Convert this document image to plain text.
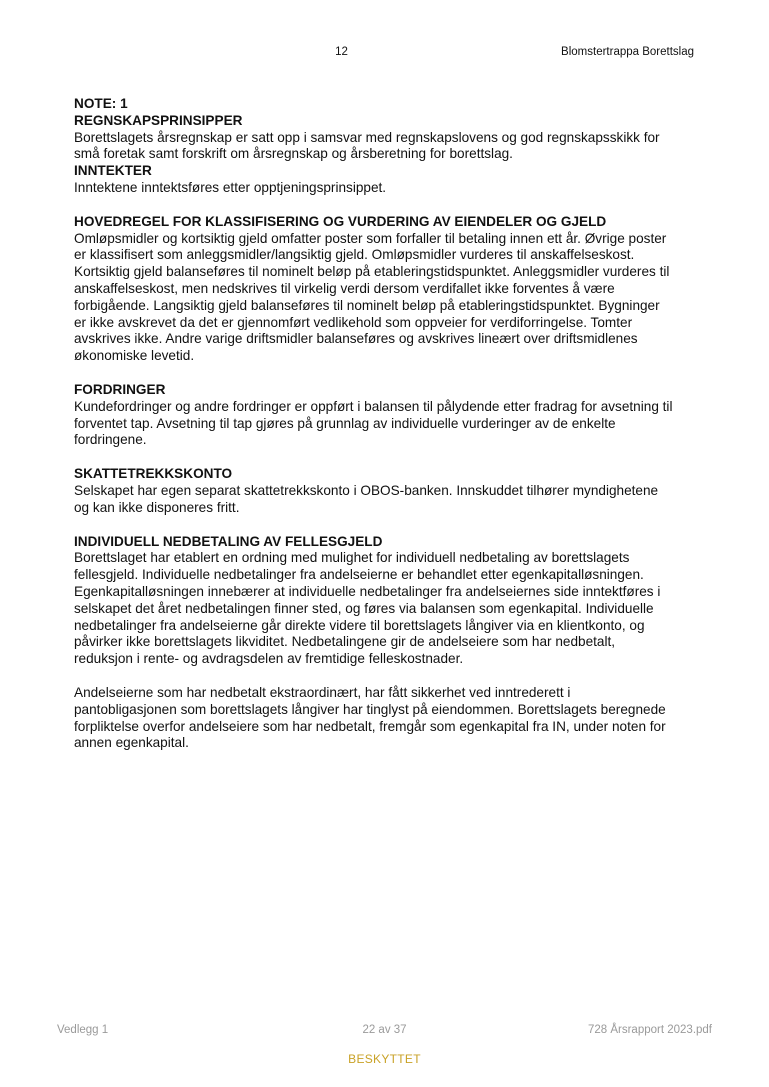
12	Blomstertrappa Borettslag

NOTE: 1

REGNSKAPSPRINSIPPER

Borettslagets årsregnskap er satt opp i samsvar med regnskapslovens og god regnskapsskikk for små foretak samt forskrift om årsregnskap og årsberetning for borettslag.

INNTEKTER

Inntektene inntektsføres etter opptjeningsprinsippet.

HOVEDREGEL FOR KLASSIFISERING OG VURDERING AV EIENDELER OG GJELD

Omløpsmidler og kortsiktig gjeld omfatter poster som forfaller til betaling innen ett år. Øvrige poster er klassifisert som anleggsmidler/langsiktig gjeld. Omløpsmidler vurderes til anskaffelseskost. Kortsiktig gjeld balanseføres til nominelt beløp på etableringstidspunktet. Anleggsmidler vurderes til anskaffelseskost, men nedskrives til virkelig verdi dersom verdifallet ikke forventes å være forbigående. Langsiktig gjeld balanseføres til nominelt beløp på etableringstidspunktet. Bygninger er ikke avskrevet da det er gjennomført vedlikehold som oppveier for verdiforringelse. Tomter avskrives ikke. Andre varige driftsmidler balanseføres og avskrives lineært over driftsmidlenes økonomiske levetid.

FORDRINGER

Kundefordringer og andre fordringer er oppført i balansen til pålydende etter fradrag for avsetning til forventet tap. Avsetning til tap gjøres på grunnlag av individuelle vurderinger av de enkelte fordringene.

SKATTETREKKSKONTO

Selskapet har egen separat skattetrekkskonto i OBOS-banken. Innskuddet tilhører myndighetene og kan ikke disponeres fritt.

INDIVIDUELL NEDBETALING AV FELLESGJELD

Borettslaget har etablert en ordning med mulighet for individuell nedbetaling av borettslagets fellesgjeld. Individuelle nedbetalinger fra andelseierne er behandlet etter egenkapitalløsningen. Egenkapitalløsningen innebærer at individuelle nedbetalinger fra andelseiernes side inntektføres i selskapet det året nedbetalingen finner sted, og føres via balansen som egenkapital. Individuelle nedbetalinger fra andelseierne går direkte videre til borettslagets långiver via en klientkonto, og påvirker ikke borettslagets likviditet. Nedbetalingene gir de andelseiere som har nedbetalt, reduksjon i rente- og avdragsdelen av fremtidige felleskostnader.

Andelseierne som har nedbetalt ekstraordinært, har fått sikkerhet ved inntrederett i pantobligasjonen som borettslagets långiver har tinglyst på eiendommen. Borettslagets beregnede forpliktelse overfor andelseiere som har nedbetalt, fremgår som egenkapital fra IN, under noten for annen egenkapital.

Vedlegg 1	22 av 37	728 Årsrapport 2023.pdf
BESKYTTET
